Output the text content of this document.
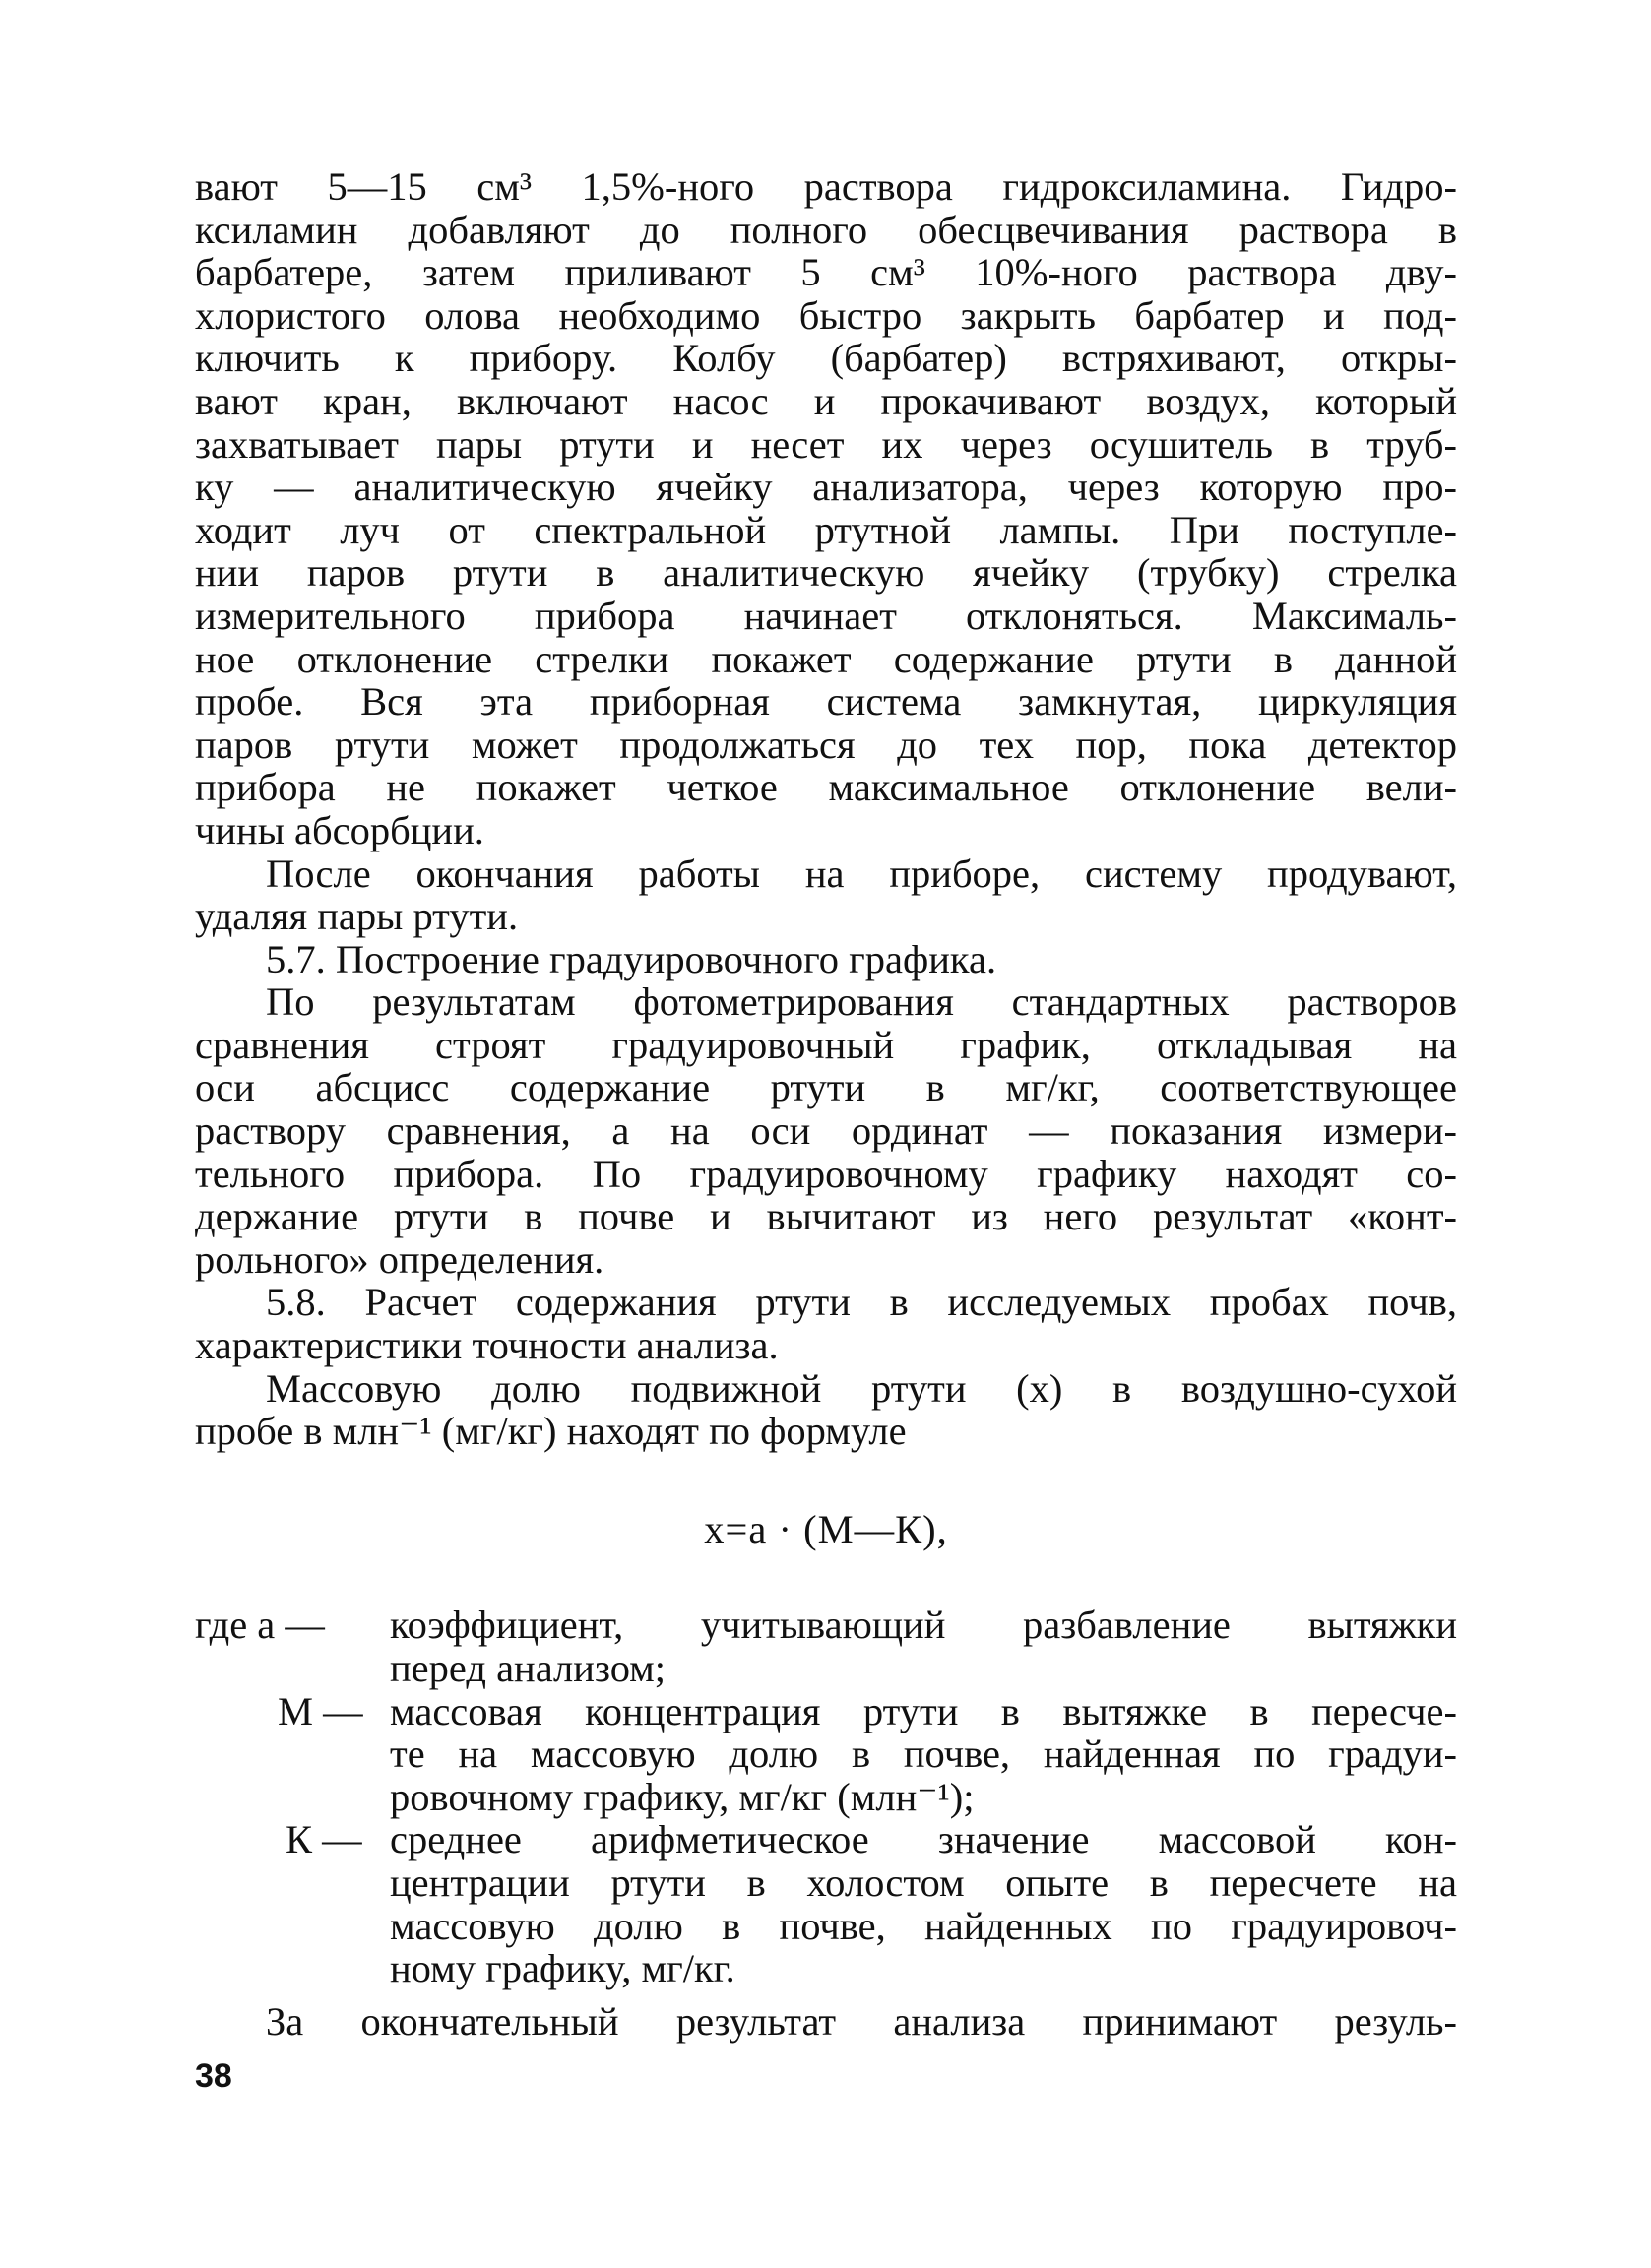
вают 5—15 см³ 1,5%-ного раствора гидроксиламина. Гидро-
ксиламин добавляют до полного обесцвечивания раствора в
барбатере, затем приливают 5 см³ 10%-ного раствора дву-
хлористого олова необходимо быстро закрыть барбатер и под-
ключить к прибору. Колбу (барбатер) встряхивают, откры-
вают кран, включают насос и прокачивают воздух, который
захватывает пары ртути и несет их через осушитель в труб-
ку — аналитическую ячейку анализатора, через которую про-
ходит луч от спектральной ртутной лампы. При поступле-
нии паров ртути в аналитическую ячейку (трубку) стрелка
измерительного прибора начинает отклоняться. Максималь-
ное отклонение стрелки покажет содержание ртути в данной
пробе. Вся эта приборная система замкнутая, циркуляция
паров ртути может продолжаться до тех пор, пока детектор
прибора не покажет четкое максимальное отклонение вели-
чины абсорбции.
После окончания работы на приборе, систему продувают,
удаляя пары ртути.
5.7. Построение градуировочного графика.
По результатам фотометрирования стандартных растворов
сравнения строят градуировочный график, откладывая на
оси абсцисс содержание ртути в мг/кг, соответствующее
раствору сравнения, а на оси ординат — показания измери-
тельного прибора. По градуировочному графику находят со-
держание ртути в почве и вычитают из него результат «конт-
рольного» определения.
5.8. Расчет содержания ртути в исследуемых пробах почв,
характеристики точности анализа.
Массовую долю подвижной ртути (х) в воздушно-сухой
пробе в млн⁻¹ (мг/кг) находят по формуле
х=а · (М—К),
где а — коэффициент, учитывающий разбавление вытяжки
перед анализом;
М — массовая концентрация ртути в вытяжке в пересче-
те на массовую долю в почве, найденная по градуи-
ровочному графику, мг/кг (млн⁻¹);
К — среднее арифметическое значение массовой кон-
центрации ртути в холостом опыте в пересчете на
массовую долю в почве, найденных по градуировоч-
ному графику, мг/кг.
За окончательный результат анализа принимают резуль-
38
